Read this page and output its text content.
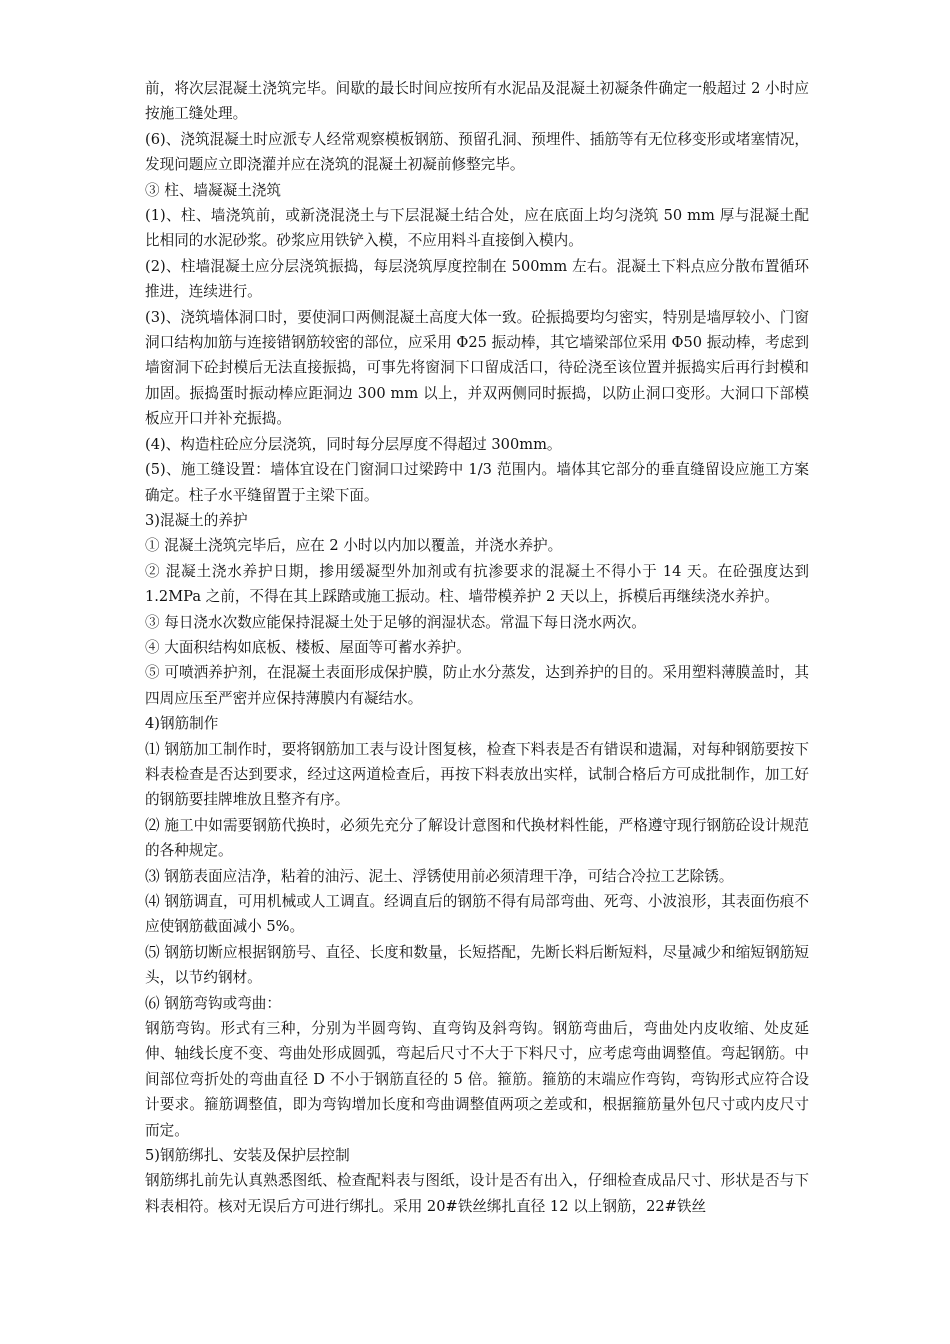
前，将次层混凝土浇筑完毕。间歇的最长时间应按所有水泥品及混凝土初凝条件确定一般超过 2 小时应按施工缝处理。

(6)、浇筑混凝土时应派专人经常观察模板钢筋、预留孔洞、预埋件、插筋等有无位移变形或堵塞情况，发现问题应立即浇灌并应在浇筑的混凝土初凝前修整完毕。

③ 柱、墙凝凝土浇筑

(1)、柱、墙浇筑前，或新浇混浇土与下层混凝土结合处，应在底面上均匀浇筑 50 mm 厚与混凝土配比相同的水泥砂浆。砂浆应用铁铲入模，不应用料斗直接倒入模内。

(2)、柱墙混凝土应分层浇筑振捣，每层浇筑厚度控制在 500mm 左右。混凝土下料点应分散布置循环推进，连续进行。

(3)、浇筑墙体洞口时，要使洞口两侧混凝土高度大体一致。砼振捣要均匀密实，特别是墙厚较小、门窗洞口结构加筋与连接错钢筋较密的部位，应采用 Φ25 振动棒，其它墙梁部位采用 Φ50 振动棒，考虑到墙窗洞下砼封模后无法直接振捣，可事先将窗洞下口留成活口，待砼浇至该位置并振捣实后再行封模和加固。振捣蛋时振动棒应距洞边 300 mm 以上，并双两侧同时振捣，以防止洞口变形。大洞口下部模板应开口并补充振捣。

(4)、构造柱砼应分层浇筑，同时每分层厚度不得超过 300mm。

(5)、施工缝设置：墙体宜设在门窗洞口过梁跨中 1/3 范围内。墙体其它部分的垂直缝留设应施工方案确定。柱子水平缝留置于主梁下面。

3)混凝土的养护

① 混凝土浇筑完毕后，应在 2 小时以内加以覆盖，并浇水养护。

② 混凝土浇水养护日期，掺用缓凝型外加剂或有抗渗要求的混凝土不得小于 14 天。在砼强度达到 1.2MPa 之前，不得在其上踩踏或施工振动。柱、墙带模养护 2 天以上，拆模后再继续浇水养护。

③ 每日浇水次数应能保持混凝土处于足够的润湿状态。常温下每日浇水两次。

④ 大面积结构如底板、楼板、屋面等可蓄水养护。

⑤ 可喷洒养护剂，在混凝土表面形成保护膜，防止水分蒸发，达到养护的目的。采用塑料薄膜盖时，其四周应压至严密并应保持薄膜内有凝结水。

4)钢筋制作

⑴ 钢筋加工制作时，要将钢筋加工表与设计图复核，检查下料表是否有错误和遗漏，对每种钢筋要按下料表检查是否达到要求，经过这两道检查后，再按下料表放出实样，试制合格后方可成批制作，加工好的钢筋要挂牌堆放且整齐有序。

⑵ 施工中如需要钢筋代换时，必须先充分了解设计意图和代换材料性能，严格遵守现行钢筋砼设计规范的各种规定。

⑶ 钢筋表面应洁净，粘着的油污、泥土、浮锈使用前必须清理干净，可结合冷拉工艺除锈。

⑷ 钢筋调直，可用机械或人工调直。经调直后的钢筋不得有局部弯曲、死弯、小波浪形，其表面伤痕不应使钢筋截面减小 5%。

⑸ 钢筋切断应根据钢筋号、直径、长度和数量，长短搭配，先断长料后断短料，尽量减少和缩短钢筋短头，以节约钢材。

⑹ 钢筋弯钩或弯曲：

钢筋弯钩。形式有三种，分别为半圆弯钩、直弯钩及斜弯钩。钢筋弯曲后，弯曲处内皮收缩、处皮延伸、轴线长度不变、弯曲处形成圆弧，弯起后尺寸不大于下料尺寸，应考虑弯曲调整值。弯起钢筋。中间部位弯折处的弯曲直径 D 不小于钢筋直径的 5 倍。箍筋。箍筋的末端应作弯钩，弯钩形式应符合设计要求。箍筋调整值，即为弯钩增加长度和弯曲调整值两项之差或和，根据箍筋量外包尺寸或内皮尺寸而定。

5)钢筋绑扎、安装及保护层控制

钢筋绑扎前先认真熟悉图纸、检查配料表与图纸，设计是否有出入，仔细检查成品尺寸、形状是否与下料表相符。核对无误后方可进行绑扎。采用 20#铁丝绑扎直径 12 以上钢筋，22#铁丝
